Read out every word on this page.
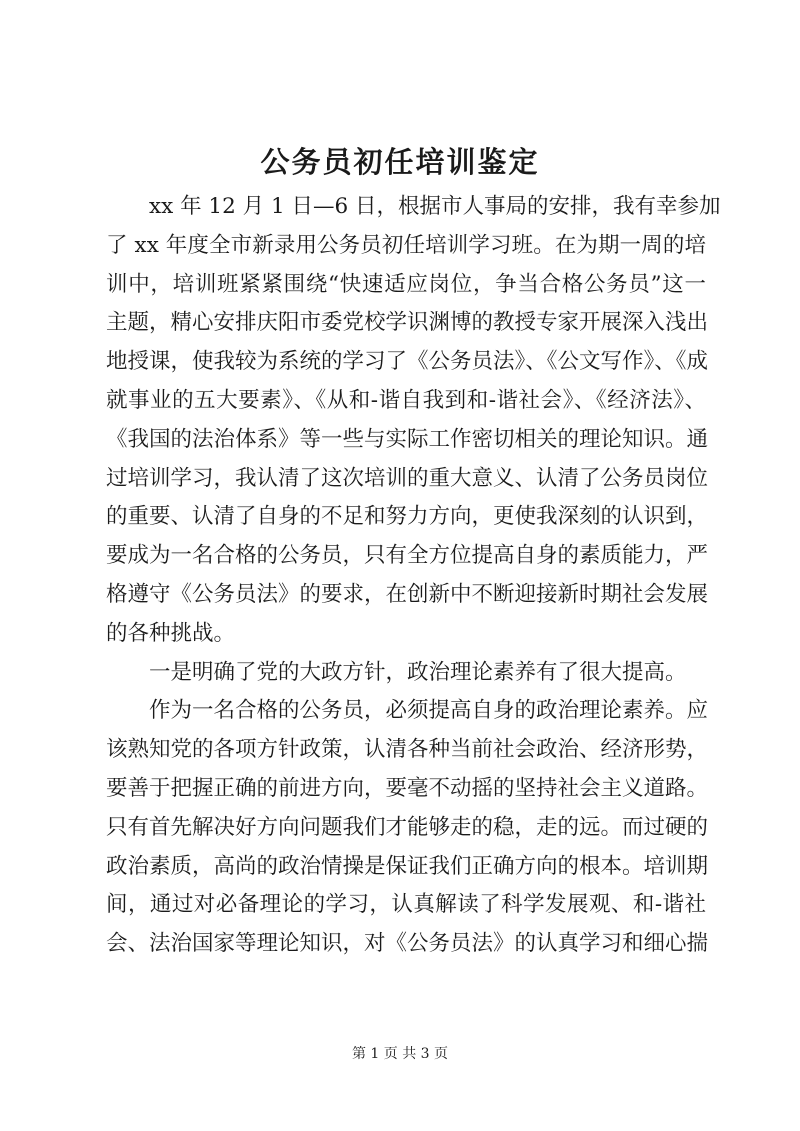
公务员初任培训鉴定
xx 年 12 月 1 日—6 日，根据市人事局的安排，我有幸参加
了 xx 年度全市新录用公务员初任培训学习班。在为期一周的培
训中，培训班紧紧围绕“快速适应岗位，争当合格公务员”这一
主题，精心安排庆阳市委党校学识渊博的教授专家开展深入浅出
地授课，使我较为系统的学习了《公务员法》、《公文写作》、《成
就事业的五大要素》、《从和-谐自我到和-谐社会》、《经济法》、
《我国的法治体系》等一些与实际工作密切相关的理论知识。通
过培训学习，我认清了这次培训的重大意义、认清了公务员岗位
的重要、认清了自身的不足和努力方向，更使我深刻的认识到，
要成为一名合格的公务员，只有全方位提高自身的素质能力，严
格遵守《公务员法》的要求，在创新中不断迎接新时期社会发展
的各种挑战。
一是明确了党的大政方针，政治理论素养有了很大提高。
作为一名合格的公务员，必须提高自身的政治理论素养。应
该熟知党的各项方针政策，认清各种当前社会政治、经济形势，
要善于把握正确的前进方向，要毫不动摇的坚持社会主义道路。
只有首先解决好方向问题我们才能够走的稳，走的远。而过硬的
政治素质，高尚的政治情操是保证我们正确方向的根本。培训期
间，通过对必备理论的学习，认真解读了科学发展观、和-谐社
会、法治国家等理论知识，对《公务员法》的认真学习和细心揣
第 1 页 共 3 页
